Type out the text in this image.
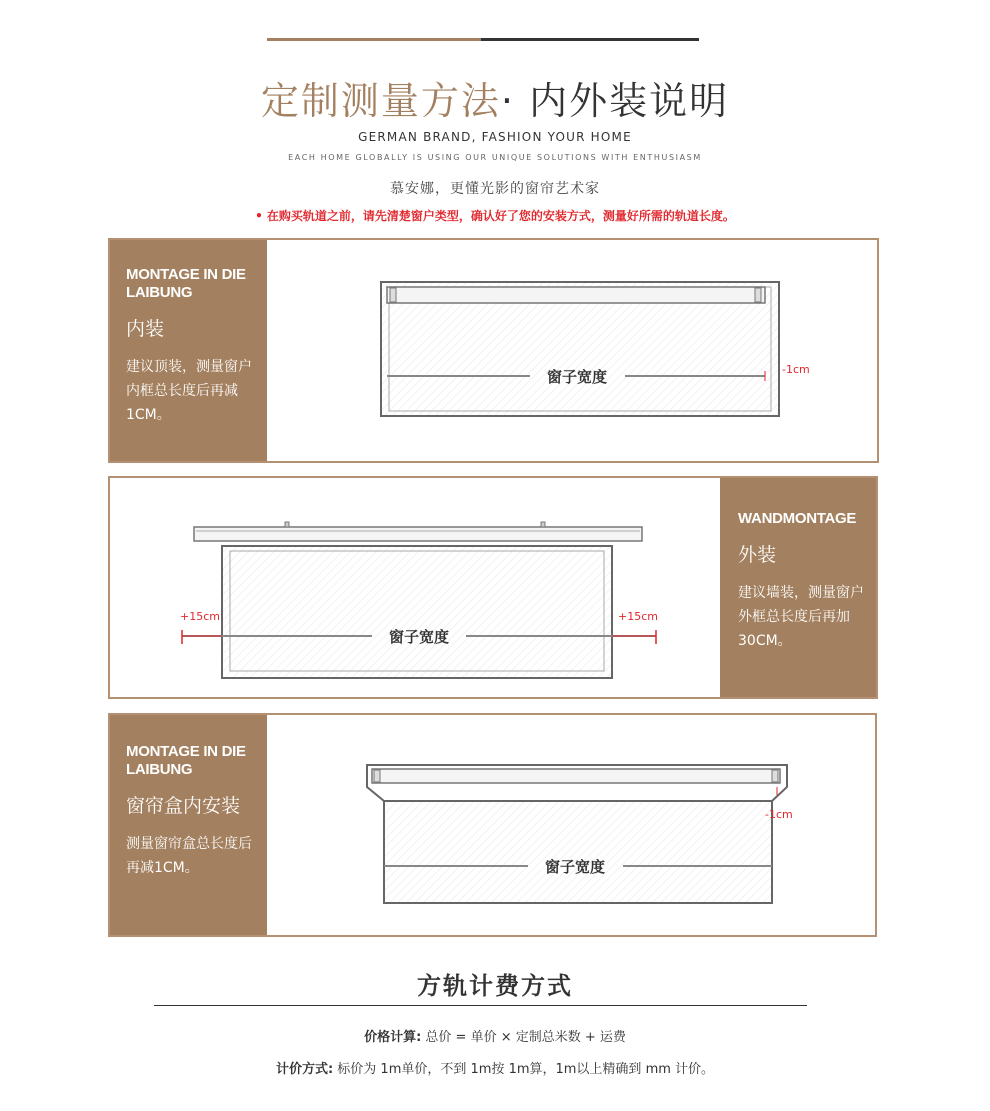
定制测量方法· 内外装说明
GERMAN BRAND, FASHION YOUR HOME
EACH HOME GLOBALLY IS USING OUR UNIQUE SOLUTIONS WITH ENTHUSIASM
慕安娜，更懂光影的窗帘艺术家
• 在购买轨道之前，请先清楚窗户类型，确认好了您的安装方式，测量好所需的轨道长度。
MONTAGE IN DIE LAIBUNG
内装
建议顶装，测量窗户内框总长度后再减1CM。
窗子宽度	-1cm
窗子宽度
+15cm	+15cm
WANDMONTAGE
外装
建议墙装，测量窗户外框总长度后再加30CM。
MONTAGE IN DIE LAIBUNG
窗帘盒内安装
测量窗帘盒总长度后再减1CM。	窗子宽度
-1cm
方轨计费方式
价格计算: 总价 = 单价 × 定制总米数 + 运费
计价方式: 标价为 1m单价，不到 1m按 1m算，1m以上精确到 mm 计价。
